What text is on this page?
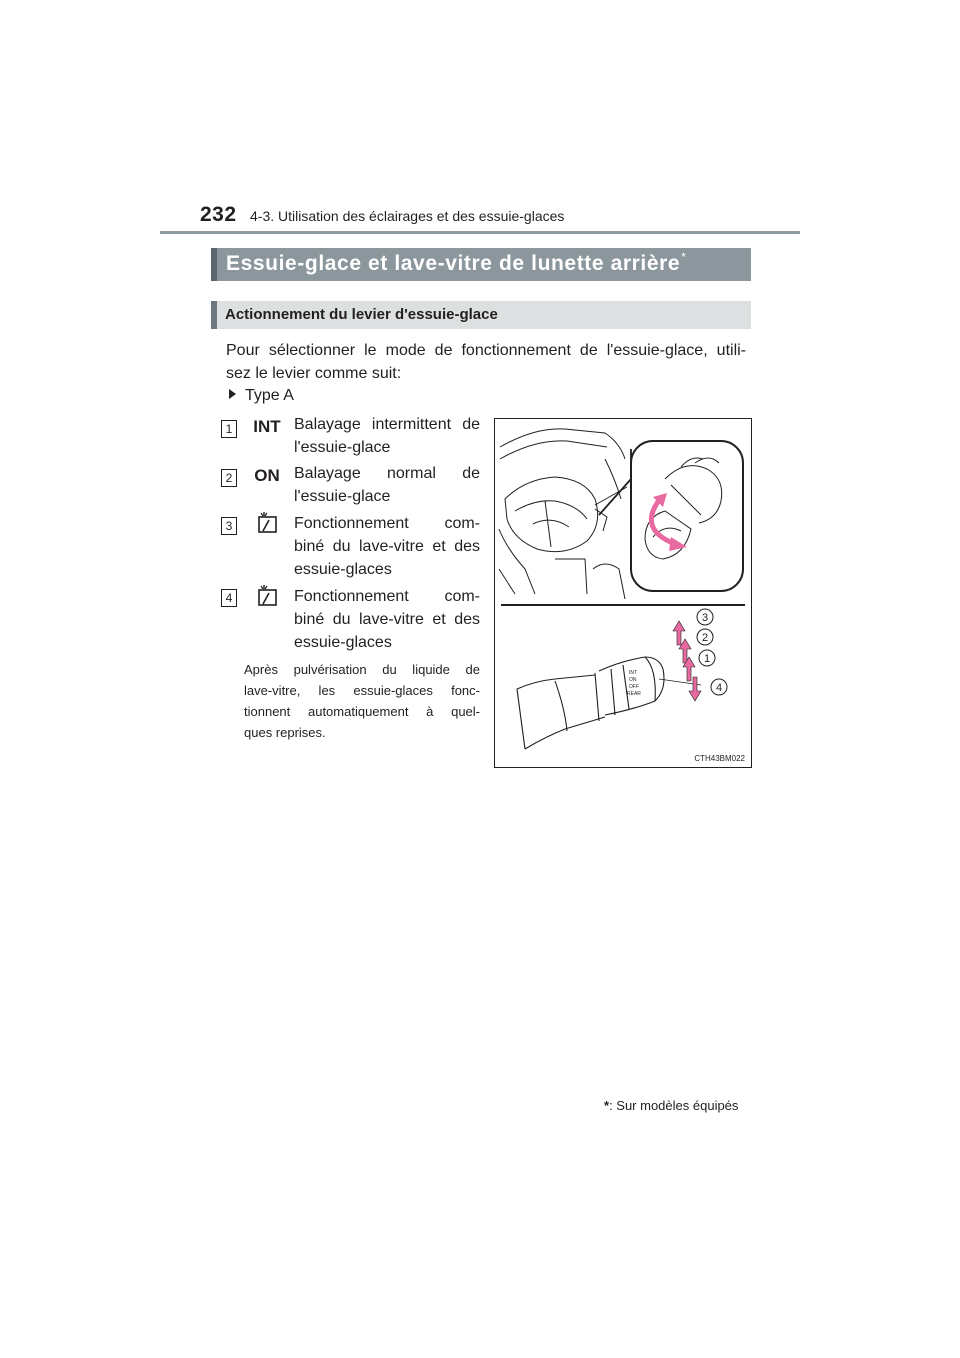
232 4-3. Utilisation des éclairages et des essuie-glaces
Essuie-glace et lave-vitre de lunette arrière*
Actionnement du levier d'essuie-glace
Pour sélectionner le mode de fonctionnement de l'essuie-glace, utili-
sez le levier comme suit:
Type A
1 INT Balayage intermittent de
l'essuie-glace
2 ON Balayage normal de
l'essuie-glace
3	Fonctionnement com-
biné du lave-vitre et des
essuie-glaces
4	Fonctionnement com-
biné du lave-vitre et des
essuie-glaces
Après pulvérisation du liquide de
lave-vitre, les essuie-glaces fonc-
tionnent automatiquement à quel-
ques reprises.
INT
ON
OFF
REAR
3
2
1
4
CTH43BM022
*: Sur modèles équipés
